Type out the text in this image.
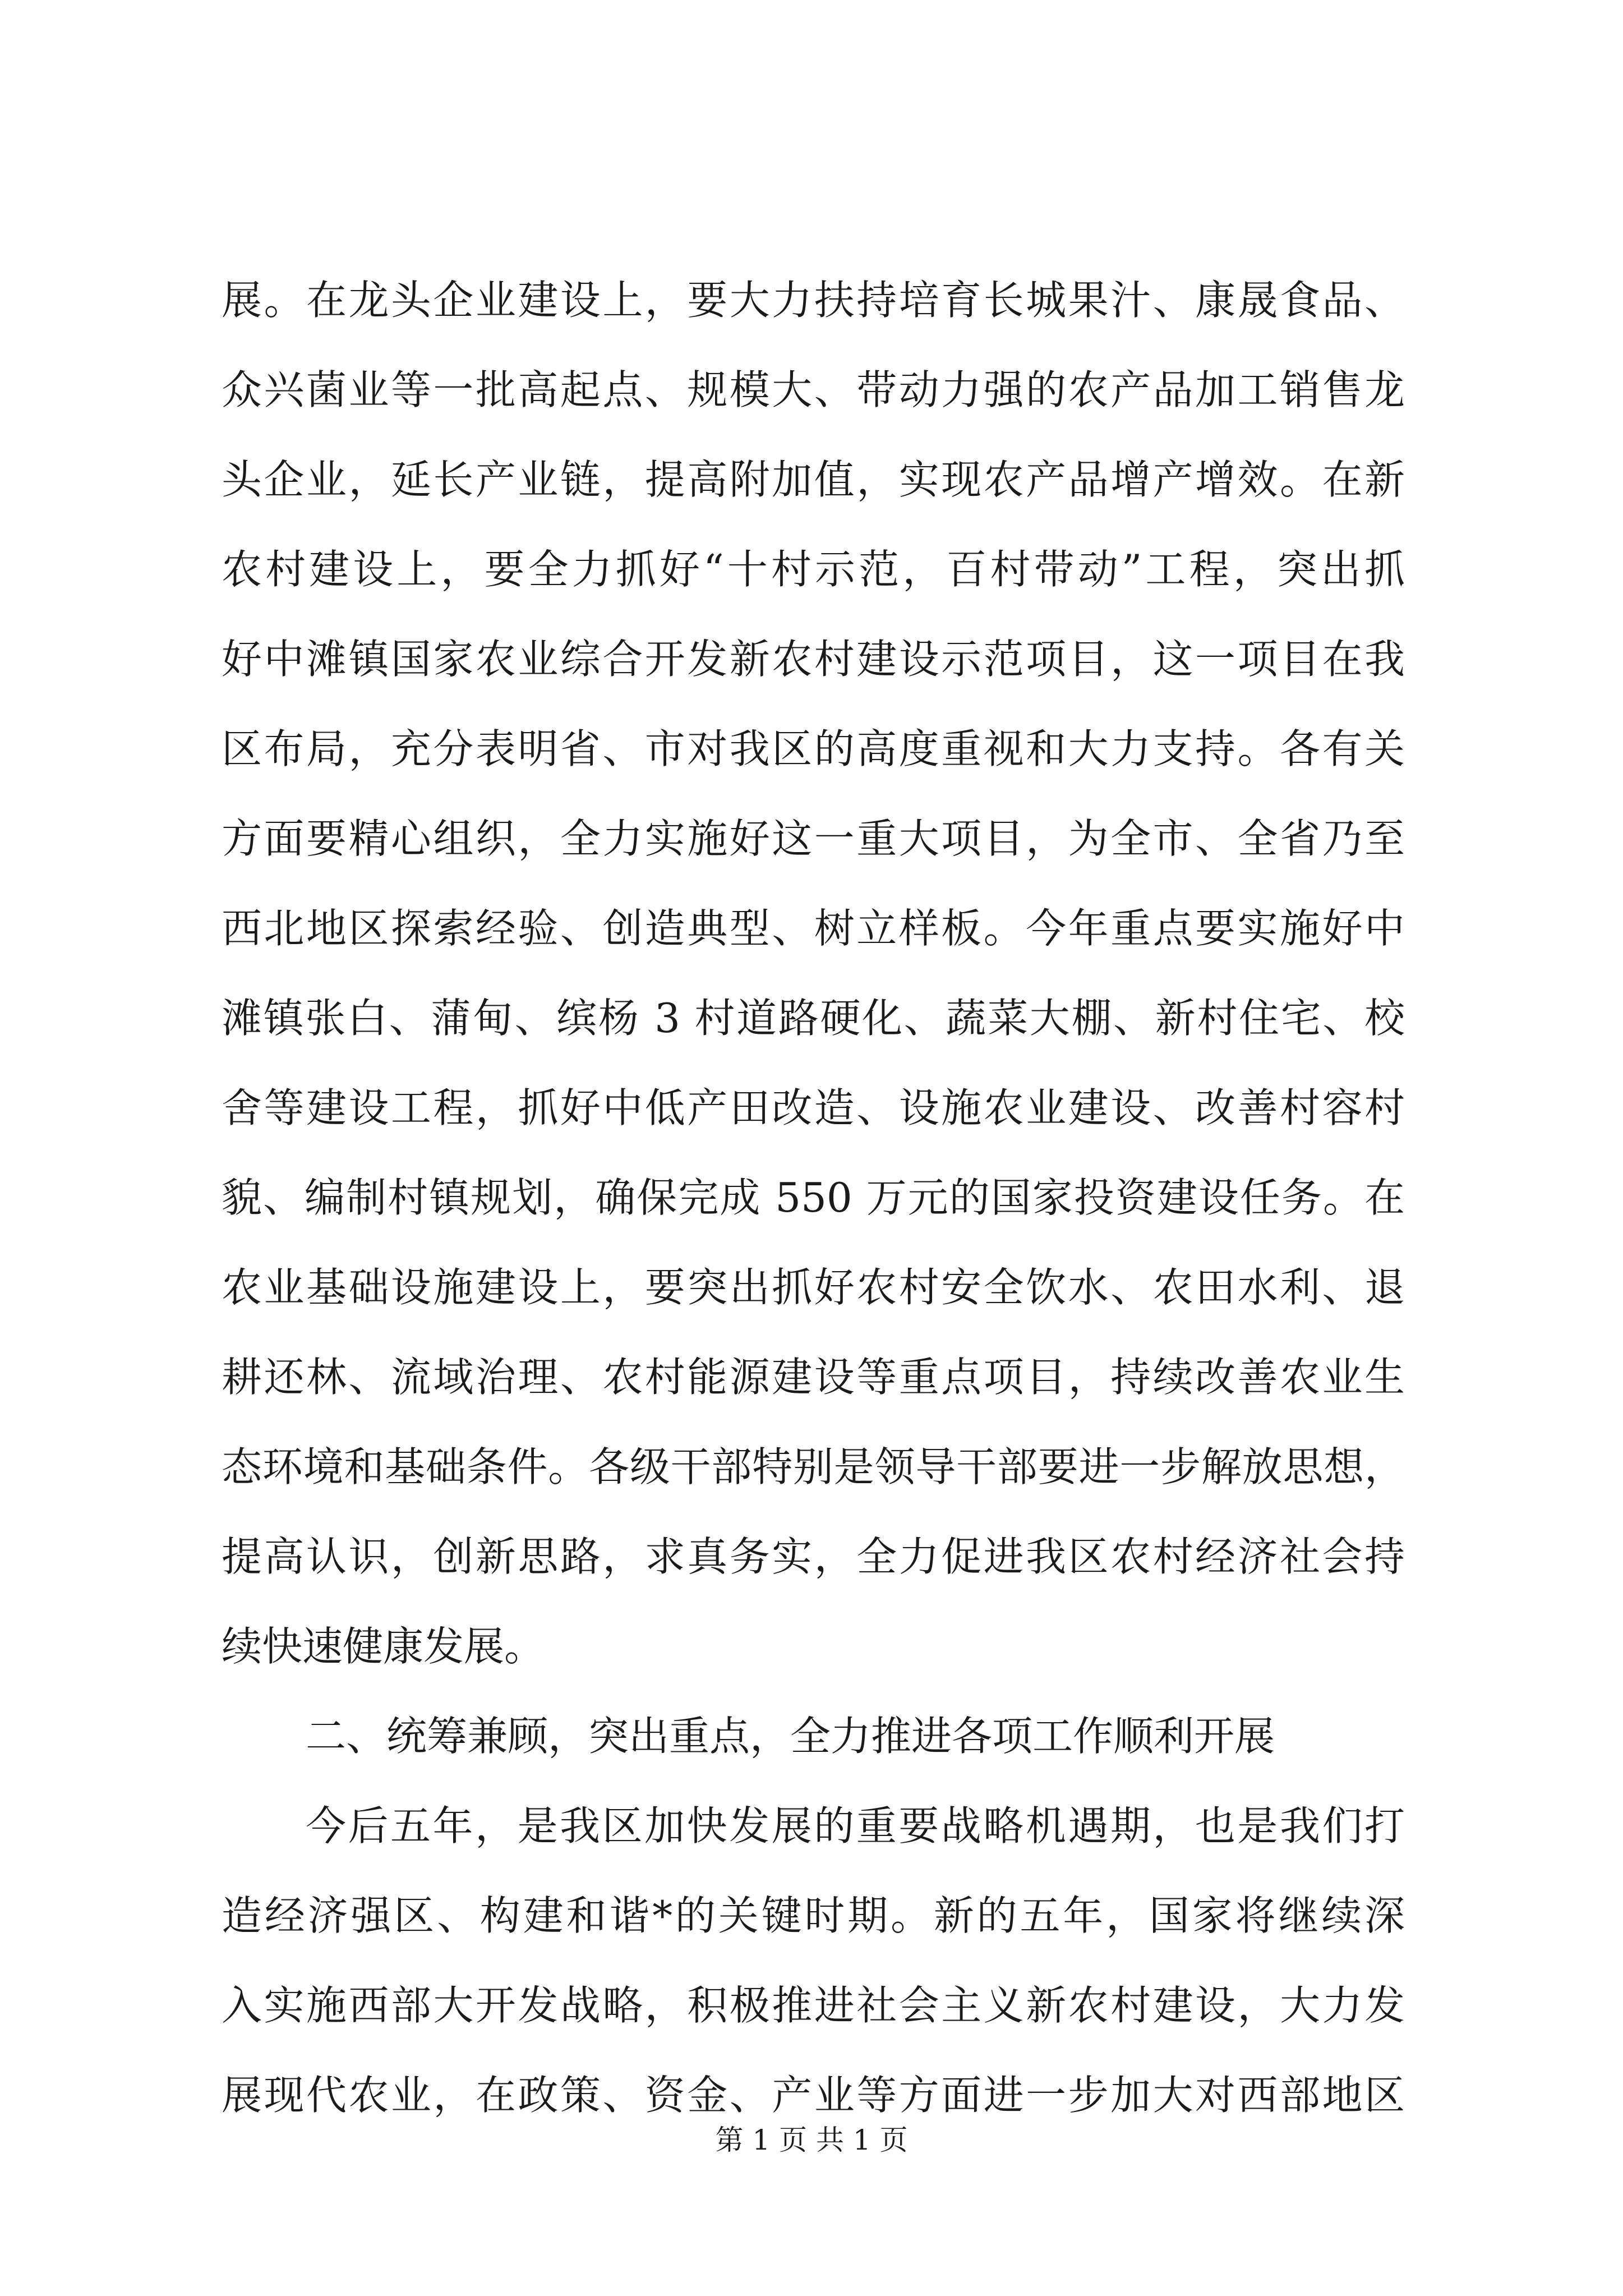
展。在龙头企业建设上，要大力扶持培育长城果汁、康晟食品、
众兴菌业等一批高起点、规模大、带动力强的农产品加工销售龙
头企业，延长产业链，提高附加值，实现农产品增产增效。在新
农村建设上，要全力抓好“十村示范，百村带动”工程，突出抓
好中滩镇国家农业综合开发新农村建设示范项目，这一项目在我
区布局，充分表明省、市对我区的高度重视和大力支持。各有关
方面要精心组织，全力实施好这一重大项目，为全市、全省乃至
西北地区探索经验、创造典型、树立样板。今年重点要实施好中
滩镇张白、蒲甸、缤杨 3 村道路硬化、蔬菜大棚、新村住宅、校
舍等建设工程，抓好中低产田改造、设施农业建设、改善村容村
貌、编制村镇规划，确保完成 550 万元的国家投资建设任务。在
农业基础设施建设上，要突出抓好农村安全饮水、农田水利、退
耕还林、流域治理、农村能源建设等重点项目，持续改善农业生
态环境和基础条件。各级干部特别是领导干部要进一步解放思想，
提高认识，创新思路，求真务实，全力促进我区农村经济社会持
续快速健康发展。
二、统筹兼顾，突出重点，全力推进各项工作顺利开展
今后五年，是我区加快发展的重要战略机遇期，也是我们打
造经济强区、构建和谐*的关键时期。新的五年，国家将继续深
入实施西部大开发战略，积极推进社会主义新农村建设，大力发
展现代农业，在政策、资金、产业等方面进一步加大对西部地区
第 1 页 共 1 页
